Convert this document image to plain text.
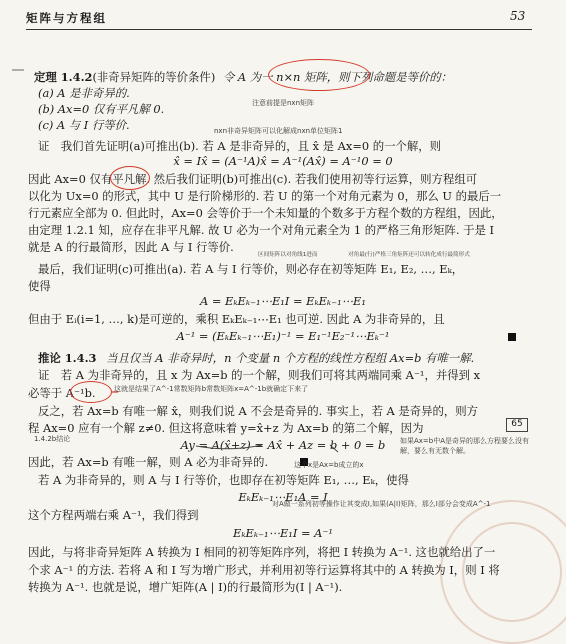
矩阵与方程组	53
定理 1.4.2(非奇异矩阵的等价条件) 令 A 为一 n×n 矩阵，则下列命题是等价的：
(a) A 是非奇异的.
(b) Ax=0 仅有平凡解 0.
(c) A 与 I 行等价.
证　我们首先证明(a)可推出(b). 若 A 是非奇异的，且 x̂ 是 Ax=0 的一个解，则
x̂ = Ix̂ = (A⁻¹A)x̂ = A⁻¹(Ax̂) = A⁻¹0 = 0
因此 Ax=0 仅有平凡解. 然后我们证明(b)可推出(c). 若我们使用初等行运算，则方程组可
以化为 Ux=0 的形式，其中 U 是行阶梯形的. 若 U 的第一个对角元素为 0，那么 U 的最后一
行元素应全部为 0. 但此时，Ax=0 会等价于一个未知量的个数多于方程个数的方程组，因此，
由定理 1.2.1 知，应存在非平凡解. 故 U 必为一个对角元素全为 1 的严格三角形矩阵. 于是 I
就是 A 的行最简形，因此 A 与 I 行等价.
最后，我们证明(c)可推出(a). 若 A 与 I 行等价，则必存在初等矩阵 E₁, E₂, …, Eₖ，
使得
A = EₖEₖ₋₁⋯E₁I = EₖEₖ₋₁⋯E₁
但由于 Eᵢ(i=1, …, k)是可逆的，乘积 EₖEₖ₋₁⋯E₁ 也可逆. 因此 A 为非奇异的，且
A⁻¹ = (EₖEₖ₋₁⋯E₁)⁻¹ = E₁⁻¹E₂⁻¹⋯Eₖ⁻¹
推论 1.4.3 当且仅当 A 非奇异时，n 个变量 n 个方程的线性方程组 Ax=b 有唯一解.
证　若 A 为非奇异的，且 x 为 Ax=b 的一个解，则我们可将其两端同乘 A⁻¹，并得到 x
必等于 A⁻¹b.
反之，若 Ax=b 有唯一解 x̂，则我们说 A 不会是奇异的. 事实上，若 A 是奇异的，则方
程 Ax=0 应有一个解 z≠0. 但这将意味着 y=x̂+z 为 Ax=b 的第二个解，因为
Ay = A(x̂+z) = Ax̂ + Az = b + 0 = b
因此，若 Ax=b 有唯一解，则 A 必为非奇异的.
若 A 为非奇异的，则 A 与 I 行等价，也即存在初等矩阵 E₁, …, Eₖ，使得
EₖEₖ₋₁⋯E₁A = I
这个方程两端右乘 A⁻¹，我们得到
EₖEₖ₋₁⋯E₁I = A⁻¹
因此，与将非奇异矩阵 A 转换为 I 相同的初等矩阵序列，将把 I 转换为 A⁻¹. 这也就给出了一
个求 A⁻¹ 的方法. 若将 A 和 I 写为增广形式，并利用初等行运算将其中的 A 转换为 I，则 I 将
转换为 A⁻¹. 也就是说，增广矩阵(A | I)的行最简形为(I | A⁻¹).
注意前提是nxn矩阵
nxn非奇异矩阵可以化解成nxn单位矩阵1
区间矩阵以对角线1进而	对角最(行)严格三角矩阵还可以转化成行最简形式
这就是结果了A^-1常数矩阵b常数矩阵x=A^-1b就确定下来了
1.4.2b结论
这个x是Ax=b成立的x
如果Ax=b中A是奇异的那么方程要么没有解，要么有无数个解。
65
对A做一系列初等操作让其变成I,如果(A|I)矩阵，那么I部分会变成A^-1
